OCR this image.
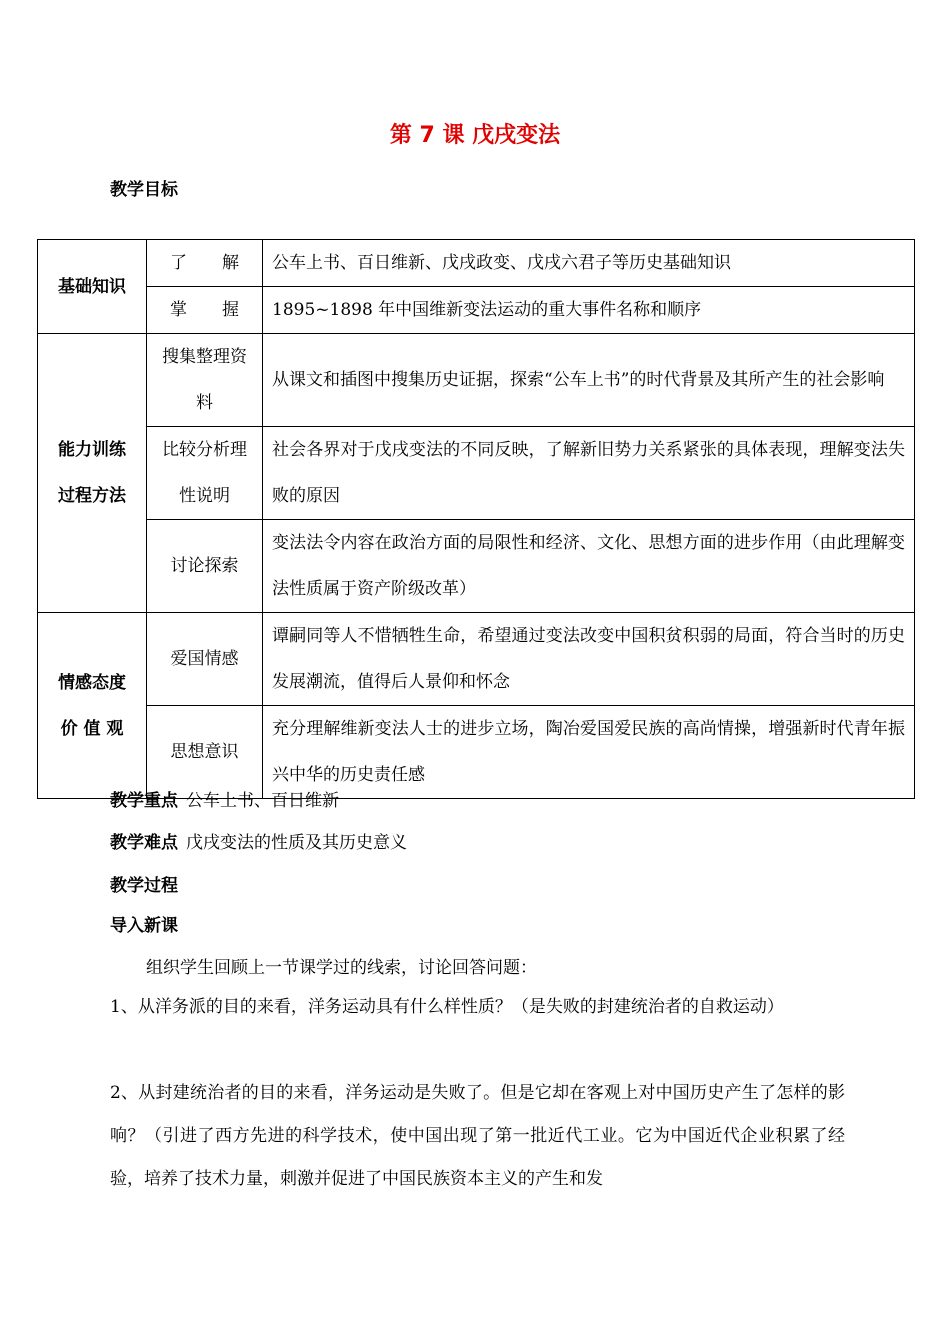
第 7 课 戊戌变法
教学目标
基础知识	了 解	公车上书、百日维新、戊戌政变、戊戌六君子等历史基础知识

	掌 握	1895~1898 年中国维新变法运动的重大事件名称和顺序

能力训练
过程方法	搜集整理资料	从课文和插图中搜集历史证据，探索“公车上书”的时代背景及其所产生的社会影响
	比较分析理性说明	社会各界对于戊戌变法的不同反映，了解新旧势力关系紧张的具体表现，理解变法失败的原因
	讨论探索	变法法令内容在政治方面的局限性和经济、文化、思想方面的进步作用（由此理解变法性质属于资产阶级改革）

情感态度
价 值 观	爱国情感	谭嗣同等人不惜牺牲生命，希望通过变法改变中国积贫积弱的局面，符合当时的历史发展潮流，值得后人景仰和怀念
	思想意识	充分理解维新变法人士的进步立场，陶冶爱国爱民族的高尚情操，增强新时代青年振兴中华的历史责任感
教学重点 公车上书、百日维新
教学难点 戊戌变法的性质及其历史意义
教学过程
导入新课
组织学生回顾上一节课学过的线索，讨论回答问题：
1、从洋务派的目的来看，洋务运动具有什么样性质？（是失败的封建统治者的自救运动）
2、从封建统治者的目的来看，洋务运动是失败了。但是它却在客观上对中国历史产生了怎样的影响？（引进了西方先进的科学技术，使中国出现了第一批近代工业。它为中国近代企业积累了经验，培养了技术力量，刺激并促进了中国民族资本主义的产生和发
